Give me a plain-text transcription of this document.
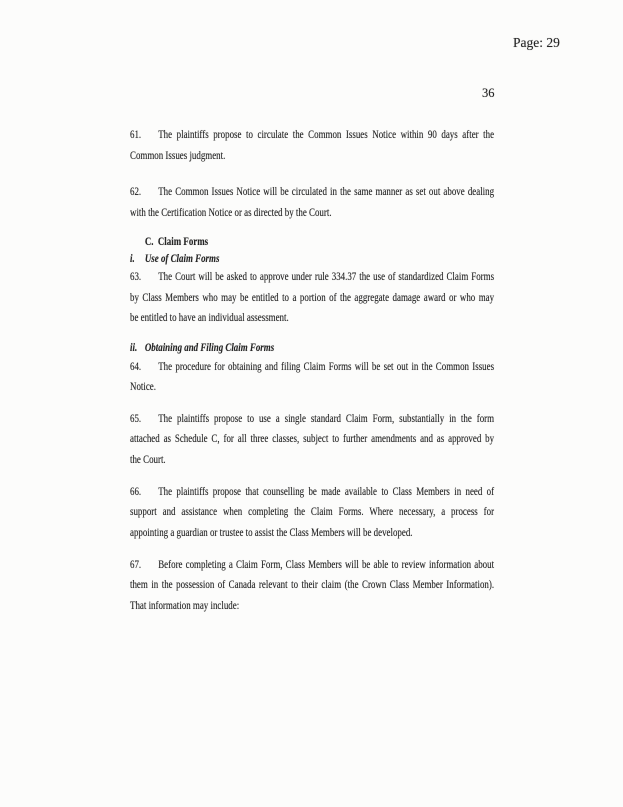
Page: 29
36
61. The plaintiffs propose to circulate the Common Issues Notice within 90 days after the
Common Issues judgment.
62. The Common Issues Notice will be circulated in the same manner as set out above dealing
with the Certification Notice or as directed by the Court.
C. Claim Forms
i. Use of Claim Forms
63. The Court will be asked to approve under rule 334.37 the use of standardized Claim Forms
by Class Members who may be entitled to a portion of the aggregate damage award or who may
be entitled to have an individual assessment.
ii. Obtaining and Filing Claim Forms
64. The procedure for obtaining and filing Claim Forms will be set out in the Common Issues
Notice.
65. The plaintiffs propose to use a single standard Claim Form, substantially in the form
attached as Schedule C, for all three classes, subject to further amendments and as approved by
the Court.
66. The plaintiffs propose that counselling be made available to Class Members in need of
support and assistance when completing the Claim Forms. Where necessary, a process for
appointing a guardian or trustee to assist the Class Members will be developed.
67. Before completing a Claim Form, Class Members will be able to review information about
them in the possession of Canada relevant to their claim (the Crown Class Member Information).
That information may include:
